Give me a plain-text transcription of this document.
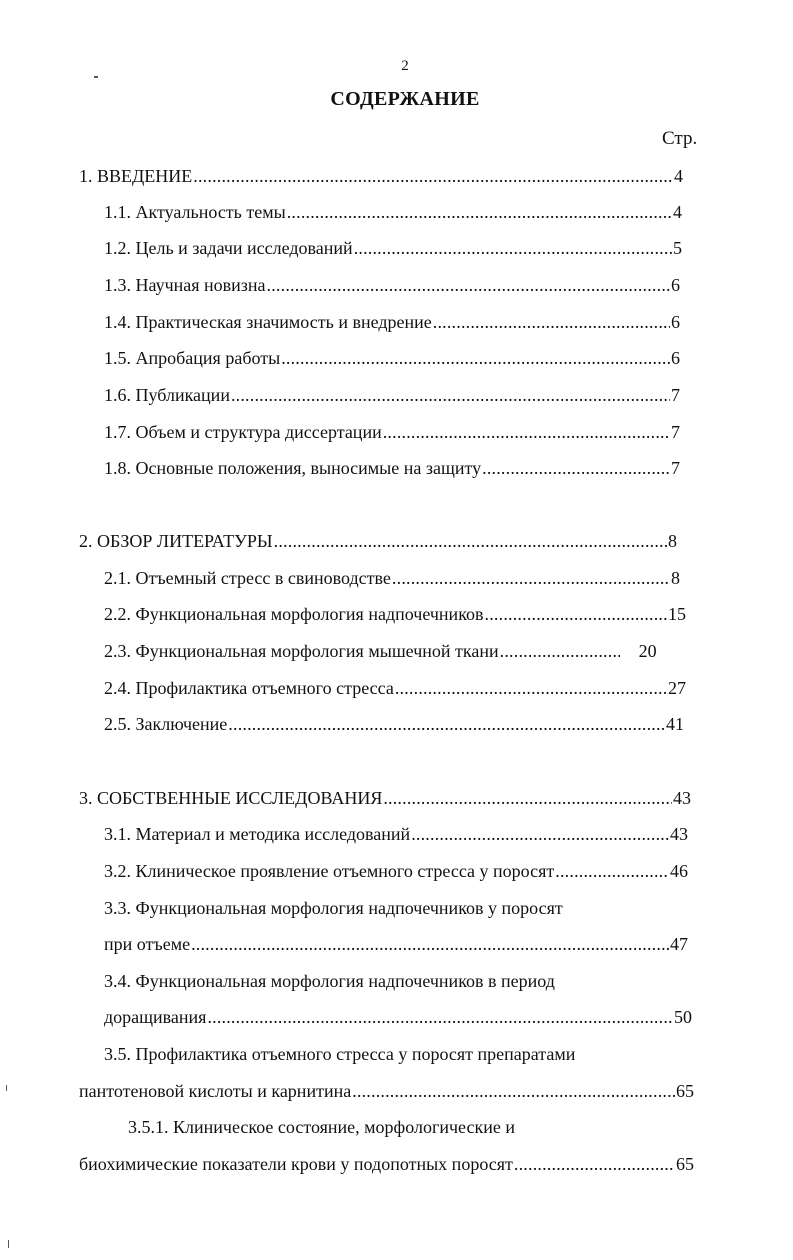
2
СОДЕРЖАНИЕ
Стр.
1. ВВЕДЕНИЕ .....	4
1.1. Актуальность темы .....	4
1.2. Цель и задачи исследований .....	5
1.3. Научная новизна .....	6
1.4. Практическая значимость и внедрение .....	6
1.5. Апробация работы .....	6
1.6. Публикации .....	7
1.7. Объем и структура диссертации .....	7
1.8. Основные положения, выносимые на защиту .....	7
2. ОБЗОР ЛИТЕРАТУРЫ .....	8
2.1. Отъемный стресс в свиноводстве .....	8
2.2. Функциональная морфология надпочечников .....	15
2.3. Функциональная морфология мышечной ткани .....	20
2.4. Профилактика отъемного стресса .....	27
2.5. Заключение .....	41
3. СОБСТВЕННЫЕ ИССЛЕДОВАНИЯ .....	43
3.1. Материал и методика исследований .....	43
3.2. Клиническое проявление отъемного стресса у поросят .....	46
3.3. Функциональная морфология надпочечников у поросят
при отъеме .....	47
3.4. Функциональная морфология надпочечников в период
доращивания .....	50
3.5. Профилактика отъемного стресса у поросят препаратами
пантотеновой кислоты и карнитина .....	65
3.5.1. Клиническое состояние, морфологические и
биохимические показатели крови у подопотных поросят .....	65
